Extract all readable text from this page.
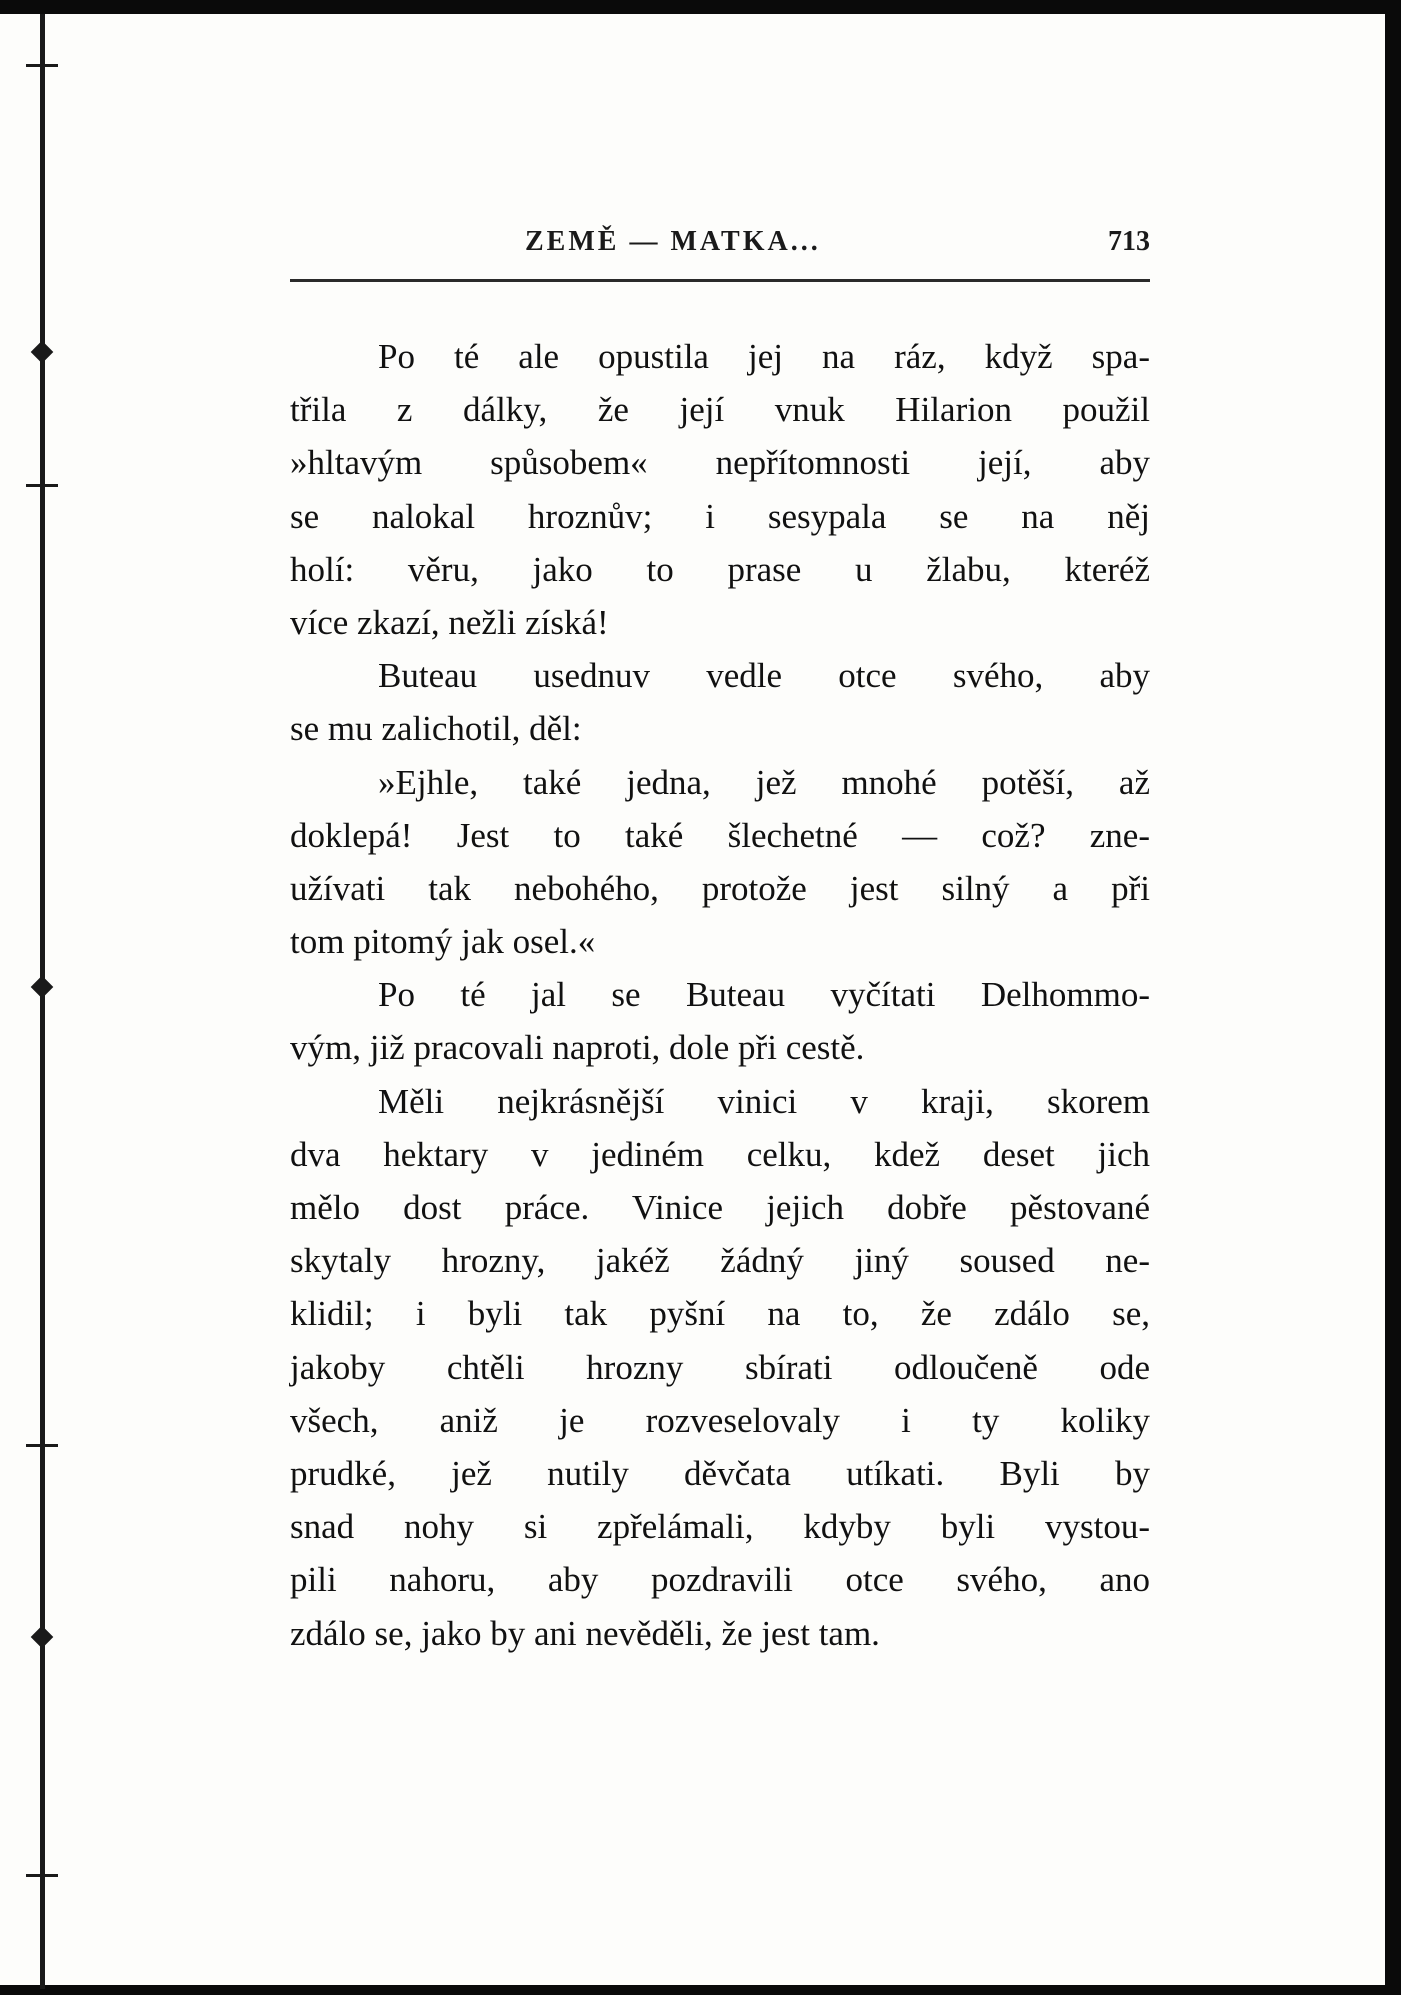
ZEMĚ — MATKA...	713
Po té ale opustila jej na ráz, když spa-
třila z dálky, že její vnuk Hilarion použil
»hltavým spůsobem« nepřítomnosti její, aby
se nalokal hroznův; i sesypala se na něj
holí: věru, jako to prase u žlabu, kteréž
více zkazí, nežli získá!
Buteau usednuv vedle otce svého, aby
se mu zalichotil, děl:
»Ejhle, také jedna, jež mnohé potěší, až
doklepá! Jest to také šlechetné — což? zne-
užívati tak nebohého, protože jest silný a při
tom pitomý jak osel.«
Po té jal se Buteau vyčítati Delhommo-
vým, již pracovali naproti, dole při cestě.
Měli nejkrásnější vinici v kraji, skorem
dva hektary v jediném celku, kdež deset jich
mělo dost práce. Vinice jejich dobře pěstované
skytaly hrozny, jakéž žádný jiný soused ne-
klidil; i byli tak pyšní na to, že zdálo se,
jakoby chtěli hrozny sbírati odloučeně ode
všech, aniž je rozveselovaly i ty koliky
prudké, jež nutily děvčata utíkati. Byli by
snad nohy si zpřelámali, kdyby byli vystou-
pili nahoru, aby pozdravili otce svého, ano
zdálo se, jako by ani nevěděli, že jest tam.
